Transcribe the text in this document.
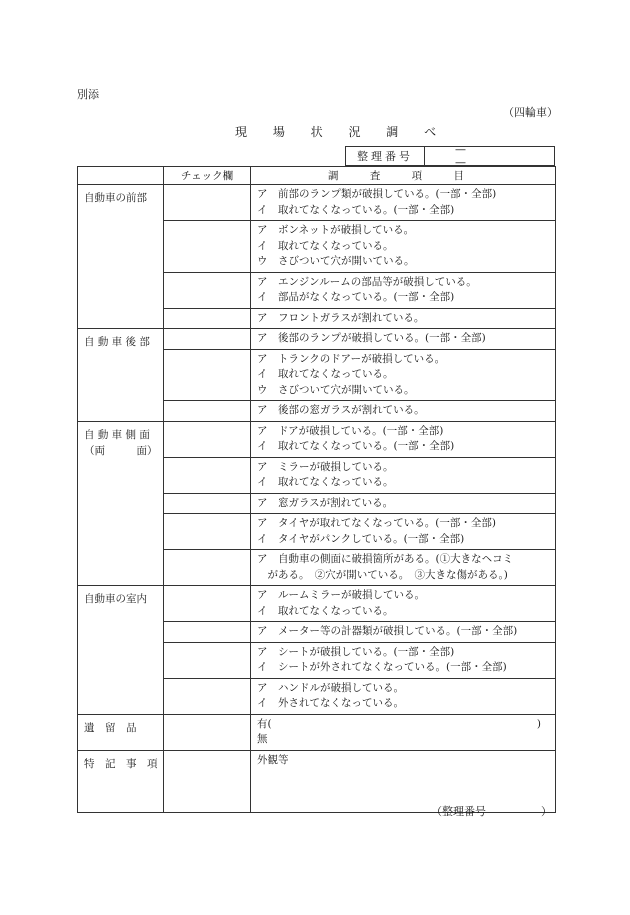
別添
（四輪車）
現 場 状 況 調 べ
整理番号
— —
	チェック欄	調 査 項 目

自動車の前部		ア　前部のランプ類が破損している。(一部・全部)
イ　取れてなくなっている。(一部・全部)

		ア　ボンネットが破損している。
イ　取れてなくなっている。
ウ　さびついて穴が開いている。

		ア　エンジンルームの部品等が破損している。
イ　部品がなくなっている。(一部・全部)

		ア　フロントガラスが割れている。

自 動 車 後 部		ア　後部のランプが破損している。(一部・全部)

		ア　トランクのドアーが破損している。
イ　取れてなくなっている。
ウ　さびついて穴が開いている。

		ア　後部の窓ガラスが割れている。

自 動 車 側 面
（両　　　面）		ア　ドアが破損している。(一部・全部)
イ　取れてなくなっている。(一部・全部)

		ア　ミラーが破損している。
イ　取れてなくなっている。

		ア　窓ガラスが割れている。

		ア　タイヤが取れてなくなっている。(一部・全部)
イ　タイヤがパンクしている。(一部・全部)

		ア　自動車の側面に破損箇所がある。(①大きなヘコミ
　がある。　②穴が開いている。　③大きな傷がある。)

自動車の室内		ア　ルームミラーが破損している。
イ　取れてなくなっている。

		ア　メーター等の計器類が破損している。(一部・全部)

		ア　シートが破損している。(一部・全部)
イ　シートが外されてなくなっている。(一部・全部)

		ア　ハンドルが破損している。
イ　外されてなくなっている。

遺　留　品		有(
無
)

特　記　事　項		外観等
（整理番号　　　　　）
